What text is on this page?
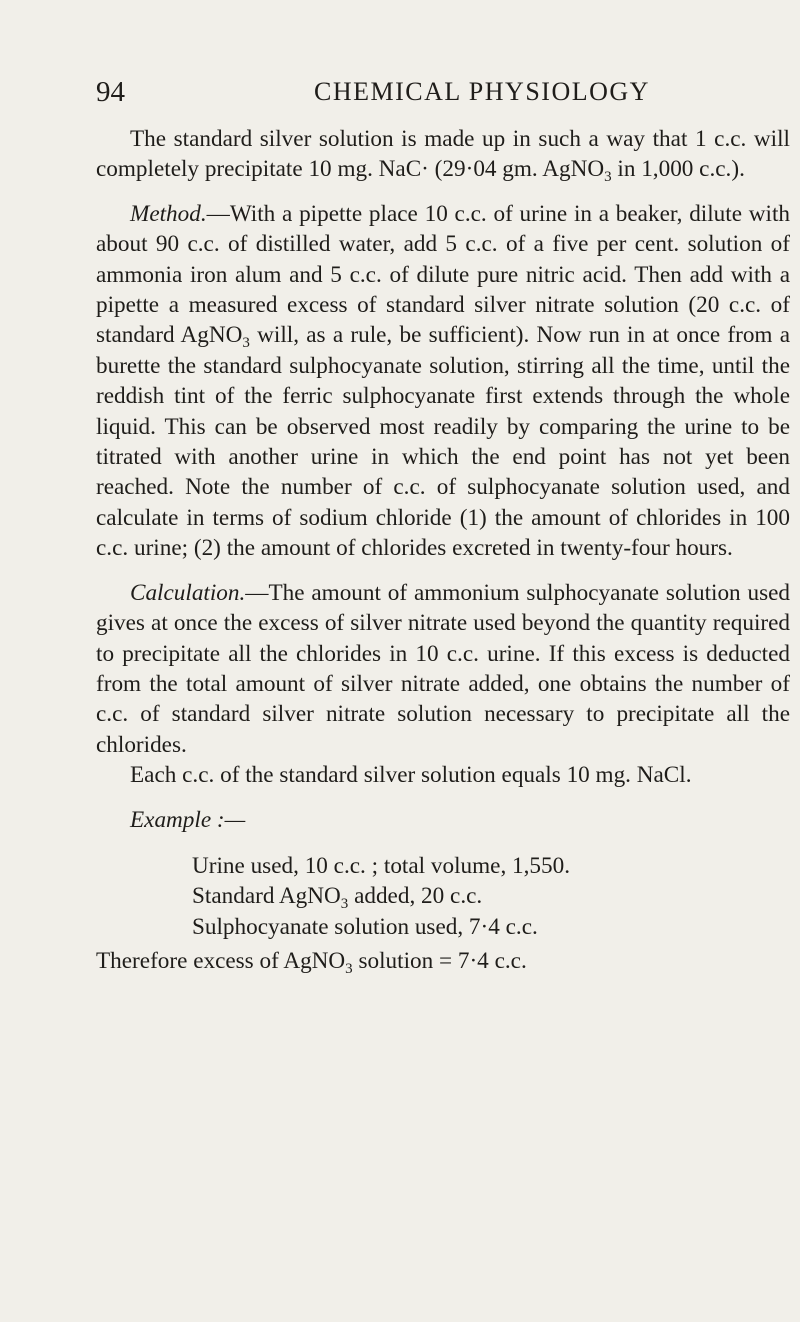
94	CHEMICAL PHYSIOLOGY

The standard silver solution is made up in such a way that 1 c.c. will completely precipitate 10 mg. NaC· (29·04 gm. AgNO$_3$ in 1,000 c.c.).

Method.—With a pipette place 10 c.c. of urine in a beaker, dilute with about 90 c.c. of distilled water, add 5 c.c. of a five per cent. solution of ammonia iron alum and 5 c.c. of dilute pure nitric acid. Then add with a pipette a measured excess of standard silver nitrate solution (20 c.c. of standard AgNO$_3$ will, as a rule, be sufficient). Now run in at once from a burette the standard sulphocyanate solution, stirring all the time, until the reddish tint of the ferric sulphocyanate first extends through the whole liquid. This can be observed most readily by comparing the urine to be titrated with another urine in which the end point has not yet been reached. Note the number of c.c. of sulphocyanate solution used, and calculate in terms of sodium chloride (1) the amount of chlorides in 100 c.c. urine; (2) the amount of chlorides excreted in twenty-four hours.

Calculation.—The amount of ammonium sulphocyanate solution used gives at once the excess of silver nitrate used beyond the quantity required to precipitate all the chlorides in 10 c.c. urine. If this excess is deducted from the total amount of silver nitrate added, one obtains the number of c.c. of standard silver nitrate solution necessary to precipitate all the chlorides.

Each c.c. of the standard silver solution equals 10 mg. NaCl.

Example :—

Urine used, 10 c.c. ; total volume, 1,550.
Standard AgNO$_3$ added, 20 c.c.
Sulphocyanate solution used, 7·4 c.c.
Therefore excess of AgNO$_3$ solution = 7·4 c.c.
